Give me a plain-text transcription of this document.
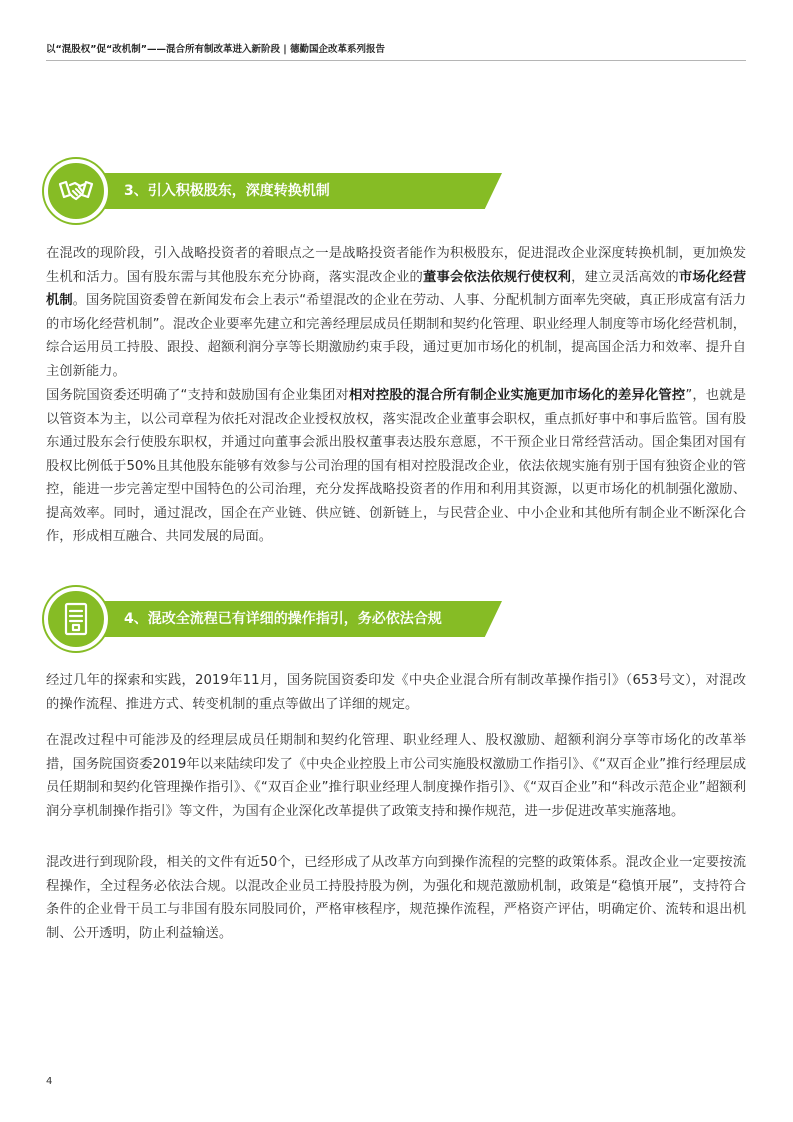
以“混股权”促“改机制”——混合所有制改革进入新阶段 | 德勤国企改革系列报告
3、引入积极股东，深度转换机制

在混改的现阶段，引入战略投资者的着眼点之一是战略投资者能作为积极股东，促进混改企业深度转换机制，更加焕发生机和活力。国有股东需与其他股东充分协商，落实混改企业的董事会依法依规行使权利，建立灵活高效的市场化经营机制。国务院国资委曾在新闻发布会上表示“希望混改的企业在劳动、人事、分配机制方面率先突破，真正形成富有活力的市场化经营机制”。混改企业要率先建立和完善经理层成员任期制和契约化管理、职业经理人制度等市场化经营机制，综合运用员工持股、跟投、超额利润分享等长期激励约束手段，通过更加市场化的机制，提高国企活力和效率、提升自主创新能力。

国务院国资委还明确了“支持和鼓励国有企业集团对相对控股的混合所有制企业实施更加市场化的差异化管控”，也就是以管资本为主，以公司章程为依托对混改企业授权放权，落实混改企业董事会职权，重点抓好事中和事后监管。国有股东通过股东会行使股东职权，并通过向董事会派出股权董事表达股东意愿，不干预企业日常经营活动。国企集团对国有股权比例低于50%且其他股东能够有效参与公司治理的国有相对控股混改企业，依法依规实施有别于国有独资企业的管控，能进一步完善定型中国特色的公司治理，充分发挥战略投资者的作用和利用其资源，以更市场化的机制强化激励、提高效率。同时，通过混改，国企在产业链、供应链、创新链上，与民营企业、中小企业和其他所有制企业不断深化合作，形成相互融合、共同发展的局面。

4、混改全流程已有详细的操作指引，务必依法合规

经过几年的探索和实践，2019年11月，国务院国资委印发《中央企业混合所有制改革操作指引》（653号文），对混改的操作流程、推进方式、转变机制的重点等做出了详细的规定。

在混改过程中可能涉及的经理层成员任期制和契约化管理、职业经理人、股权激励、超额利润分享等市场化的改革举措，国务院国资委2019年以来陆续印发了《中央企业控股上市公司实施股权激励工作指引》、《“双百企业”推行经理层成员任期制和契约化管理操作指引》、《“双百企业”推行职业经理人制度操作指引》、《“双百企业”和“科改示范企业”超额利润分享机制操作指引》等文件，为国有企业深化改革提供了政策支持和操作规范，进一步促进改革实施落地。

混改进行到现阶段，相关的文件有近50个，已经形成了从改革方向到操作流程的完整的政策体系。混改企业一定要按流程操作，全过程务必依法合规。以混改企业员工持股持股为例，为强化和规范激励机制，政策是“稳慎开展”，支持符合条件的企业骨干员工与非国有股东同股同价，严格审核程序，规范操作流程，严格资产评估，明确定价、流转和退出机制、公开透明，防止利益输送。

4
